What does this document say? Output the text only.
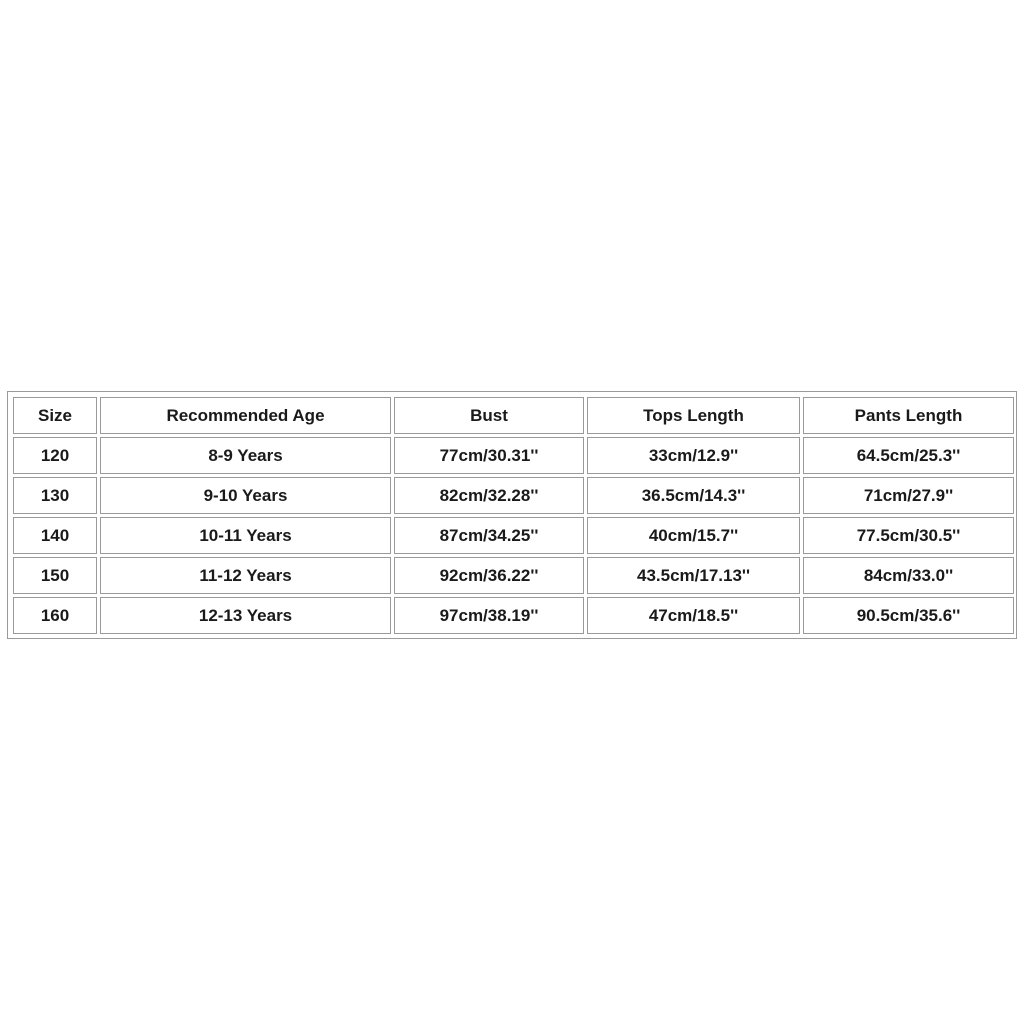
Size	Recommended Age	Bust	Tops Length	Pants Length
120	8-9 Years	77cm/30.31''	33cm/12.9''	64.5cm/25.3''
130	9-10 Years	82cm/32.28''	36.5cm/14.3''	71cm/27.9''
140	10-11 Years	87cm/34.25''	40cm/15.7''	77.5cm/30.5''
150	11-12 Years	92cm/36.22''	43.5cm/17.13''	84cm/33.0''
160	12-13 Years	97cm/38.19''	47cm/18.5''	90.5cm/35.6''
